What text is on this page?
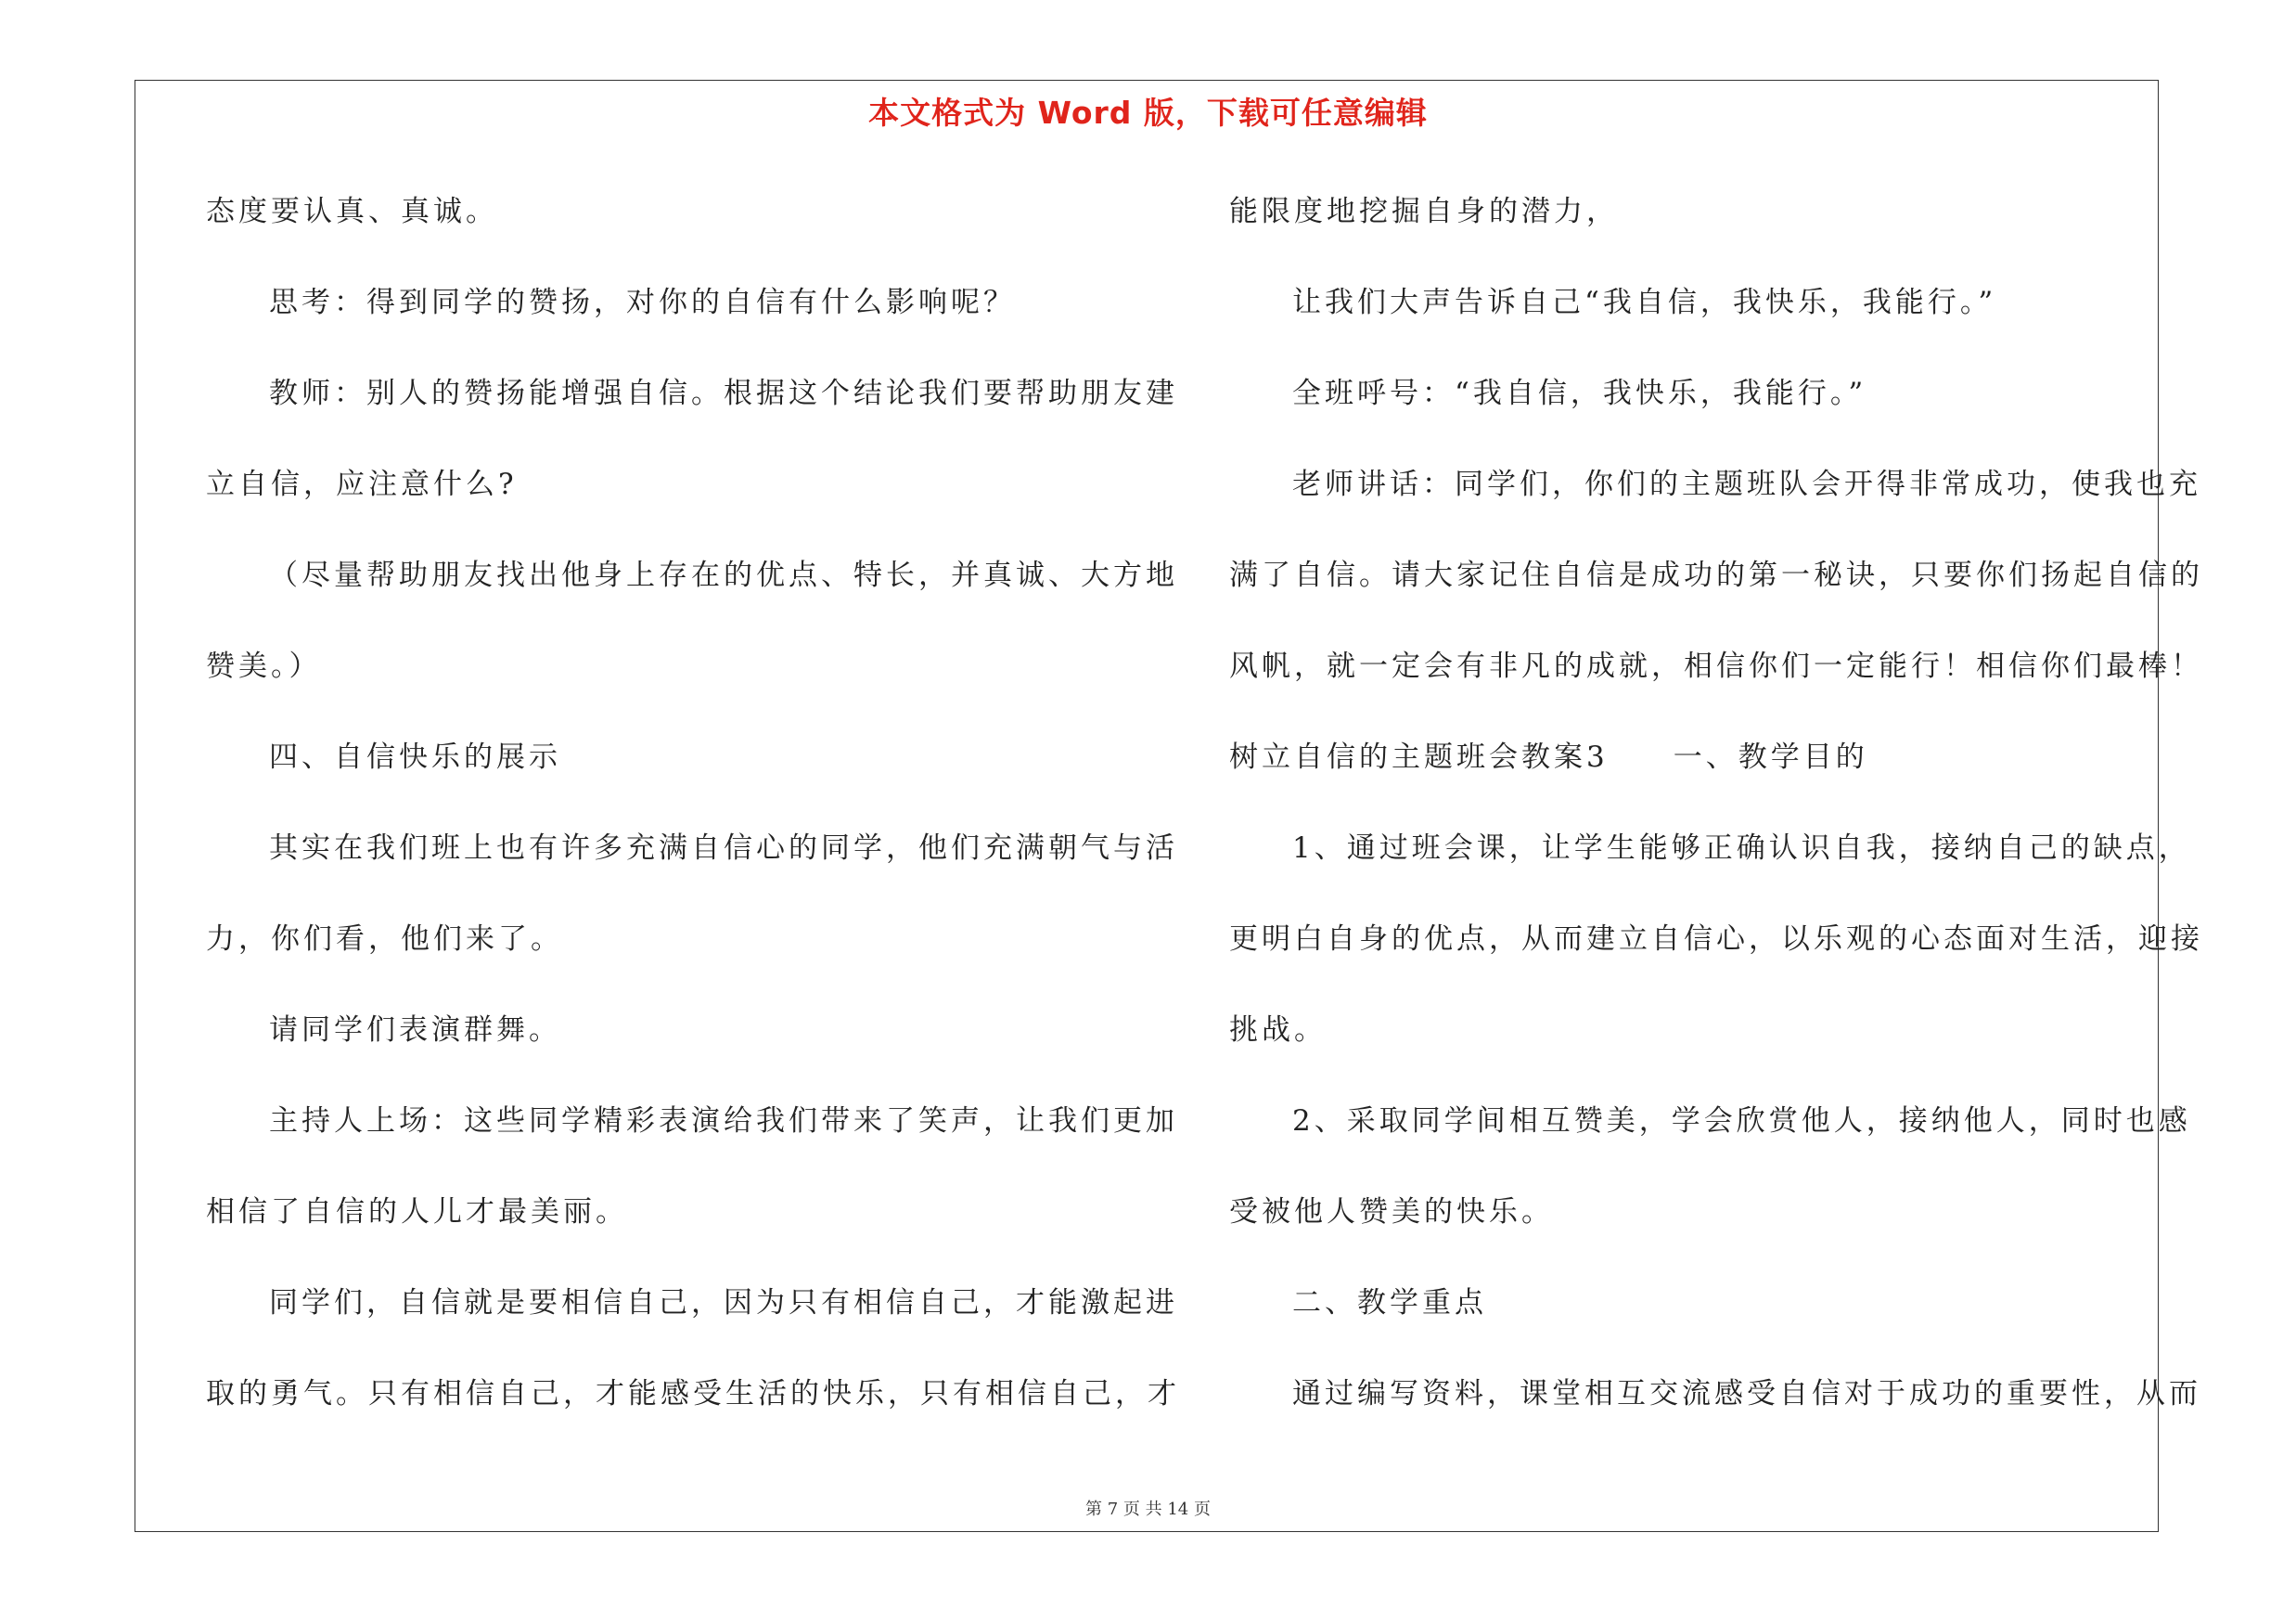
本文格式为 Word 版，下载可任意编辑
态度要认真、真诚。
思考：得到同学的赞扬，对你的自信有什么影响呢？
教师：别人的赞扬能增强自信。根据这个结论我们要帮助朋友建
立自信，应注意什么?
（尽量帮助朋友找出他身上存在的优点、特长，并真诚、大方地
赞美。）
四、自信快乐的展示
其实在我们班上也有许多充满自信心的同学，他们充满朝气与活
力，你们看，他们来了。
请同学们表演群舞。
主持人上场：这些同学精彩表演给我们带来了笑声，让我们更加
相信了自信的人儿才最美丽。
同学们，自信就是要相信自己，因为只有相信自己，才能激起进
取的勇气。只有相信自己，才能感受生活的快乐，只有相信自己，才
能限度地挖掘自身的潜力，
让我们大声告诉自己“我自信，我快乐，我能行。”
全班呼号：“我自信，我快乐，我能行。”
老师讲话：同学们，你们的主题班队会开得非常成功，使我也充
满了自信。请大家记住自信是成功的第一秘诀，只要你们扬起自信的
风帆，就一定会有非凡的成就，相信你们一定能行！相信你们最棒！
树立自信的主题班会教案3　　一、教学目的
1、通过班会课，让学生能够正确认识自我，接纳自己的缺点，
更明白自身的优点，从而建立自信心，以乐观的心态面对生活，迎接
挑战。
2、采取同学间相互赞美，学会欣赏他人，接纳他人，同时也感
受被他人赞美的快乐。
二、教学重点
通过编写资料，课堂相互交流感受自信对于成功的重要性，从而
第 7 页 共 14 页
